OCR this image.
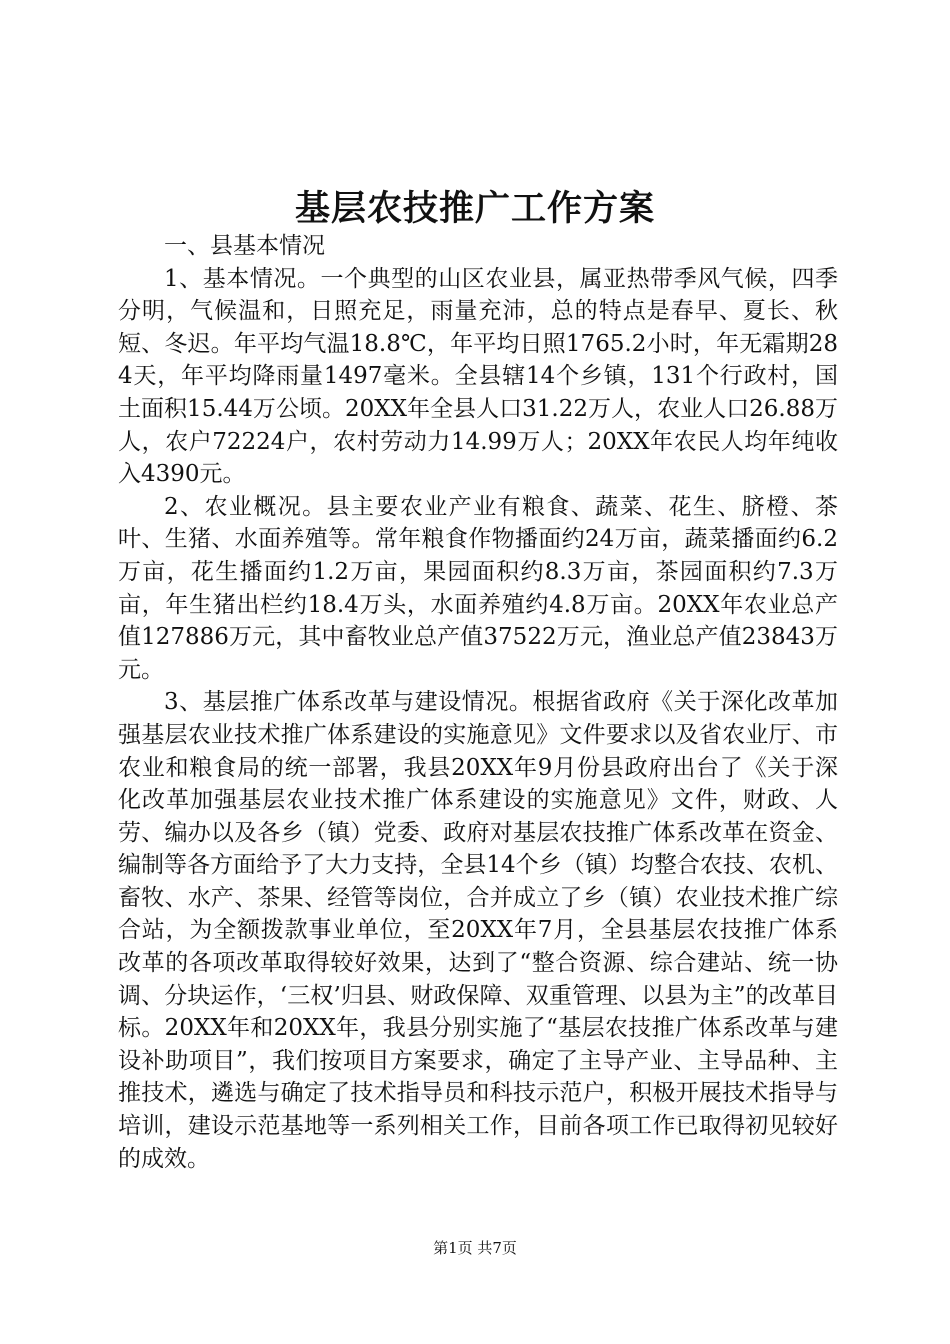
基层农技推广工作方案

一、县基本情况

1、基本情况。一个典型的山区农业县，属亚热带季风气候，四季分明，气候温和，日照充足，雨量充沛，总的特点是春早、夏长、秋短、冬迟。年平均气温18.8℃，年平均日照1765.2小时，年无霜期284天，年平均降雨量1497毫米。全县辖14个乡镇，131个行政村，国土面积15.44万公顷。20XX年全县人口31.22万人，农业人口26.88万人，农户72224户，农村劳动力14.99万人；20XX年农民人均年纯收入4390元。

2、农业概况。县主要农业产业有粮食、蔬菜、花生、脐橙、茶叶、生猪、水面养殖等。常年粮食作物播面约24万亩，蔬菜播面约6.2万亩，花生播面约1.2万亩，果园面积约8.3万亩，茶园面积约7.3万亩，年生猪出栏约18.4万头，水面养殖约4.8万亩。20XX年农业总产值127886万元，其中畜牧业总产值37522万元，渔业总产值23843万元。

3、基层推广体系改革与建设情况。根据省政府《关于深化改革加强基层农业技术推广体系建设的实施意见》文件要求以及省农业厅、市农业和粮食局的统一部署，我县20XX年9月份县政府出台了《关于深化改革加强基层农业技术推广体系建设的实施意见》文件，财政、人劳、编办以及各乡（镇）党委、政府对基层农技推广体系改革在资金、编制等各方面给予了大力支持，全县14个乡（镇）均整合农技、农机、畜牧、水产、茶果、经管等岗位，合并成立了乡（镇）农业技术推广综合站，为全额拨款事业单位，至20XX年7月，全县基层农技推广体系改革的各项改革取得较好效果，达到了“整合资源、综合建站、统一协调、分块运作，‘三权’归县、财政保障、双重管理、以县为主”的改革目标。20XX年和20XX年，我县分别实施了“基层农技推广体系改革与建设补助项目”，我们按项目方案要求，确定了主导产业、主导品种、主推技术，遴选与确定了技术指导员和科技示范户，积极开展技术指导与培训，建设示范基地等一系列相关工作，目前各项工作已取得初见较好的成效。

第1页 共7页
